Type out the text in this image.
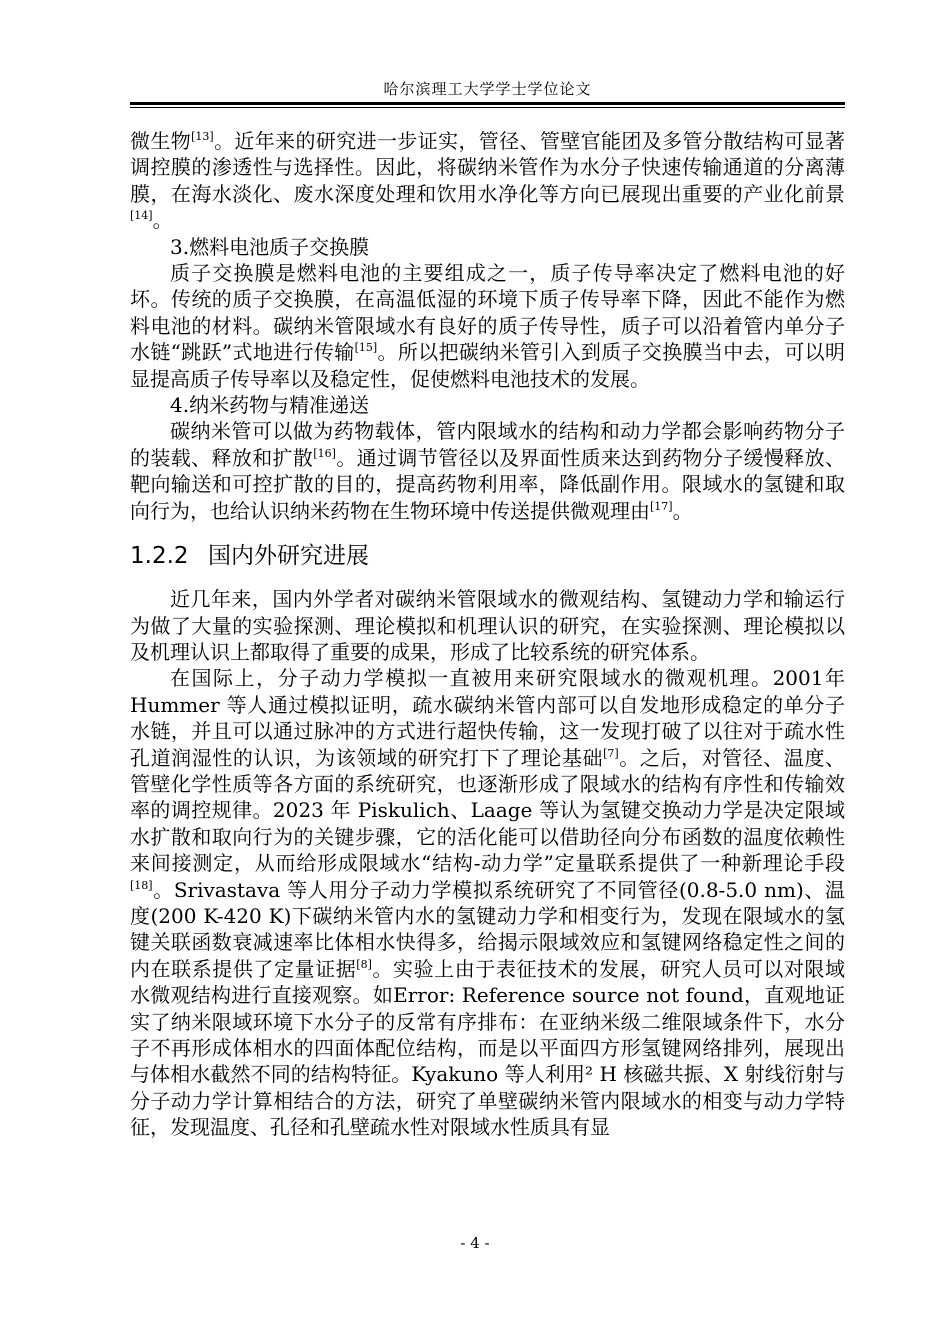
哈尔滨理工大学学士学位论文

微生物[13]。近年来的研究进一步证实，管径、管壁官能团及多管分散结构可显著调控膜的渗透性与选择性。因此，将碳纳米管作为水分子快速传输通道的分离薄膜，在海水淡化、废水深度处理和饮用水净化等方向已展现出重要的产业化前景[14]。

3.燃料电池质子交换膜

质子交换膜是燃料电池的主要组成之一，质子传导率决定了燃料电池的好坏。传统的质子交换膜，在高温低湿的环境下质子传导率下降，因此不能作为燃料电池的材料。碳纳米管限域水有良好的质子传导性，质子可以沿着管内单分子水链“跳跃”式地进行传输[15]。所以把碳纳米管引入到质子交换膜当中去，可以明显提高质子传导率以及稳定性，促使燃料电池技术的发展。

4.纳米药物与精准递送

碳纳米管可以做为药物载体，管内限域水的结构和动力学都会影响药物分子的装载、释放和扩散[16]。通过调节管径以及界面性质来达到药物分子缓慢释放、靶向输送和可控扩散的目的，提高药物利用率，降低副作用。限域水的氢键和取向行为，也给认识纳米药物在生物环境中传送提供微观理由[17]。

1.2.2 国内外研究进展

近几年来，国内外学者对碳纳米管限域水的微观结构、氢键动力学和输运行为做了大量的实验探测、理论模拟和机理认识的研究，在实验探测、理论模拟以及机理认识上都取得了重要的成果，形成了比较系统的研究体系。

在国际上，分子动力学模拟一直被用来研究限域水的微观机理。2001年 Hummer 等人通过模拟证明，疏水碳纳米管内部可以自发地形成稳定的单分子水链，并且可以通过脉冲的方式进行超快传输，这一发现打破了以往对于疏水性孔道润湿性的认识，为该领域的研究打下了理论基础[7]。之后，对管径、温度、管壁化学性质等各方面的系统研究，也逐渐形成了限域水的结构有序性和传输效率的调控规律。2023 年 Piskulich、Laage 等认为氢键交换动力学是决定限域水扩散和取向行为的关键步骤，它的活化能可以借助径向分布函数的温度依赖性来间接测定，从而给形成限域水“结构-动力学”定量联系提供了一种新理论手段[18]。Srivastava 等人用分子动力学模拟系统研究了不同管径(0.8-5.0 nm)、温度(200 K-420 K)下碳纳米管内水的氢键动力学和相变行为，发现在限域水的氢键关联函数衰减速率比体相水快得多，给揭示限域效应和氢键网络稳定性之间的内在联系提供了定量证据[8]。实验上由于表征技术的发展，研究人员可以对限域水微观结构进行直接观察。如Error: Reference source not found，直观地证实了纳米限域环境下水分子的反常有序排布：在亚纳米级二维限域条件下，水分子不再形成体相水的四面体配位结构，而是以平面四方形氢键网络排列，展现出与体相水截然不同的结构特征。Kyakuno 等人利用² H 核磁共振、X 射线衍射与分子动力学计算相结合的方法，研究了单壁碳纳米管内限域水的相变与动力学特征，发现温度、孔径和孔壁疏水性对限域水性质具有显

- 4 -
